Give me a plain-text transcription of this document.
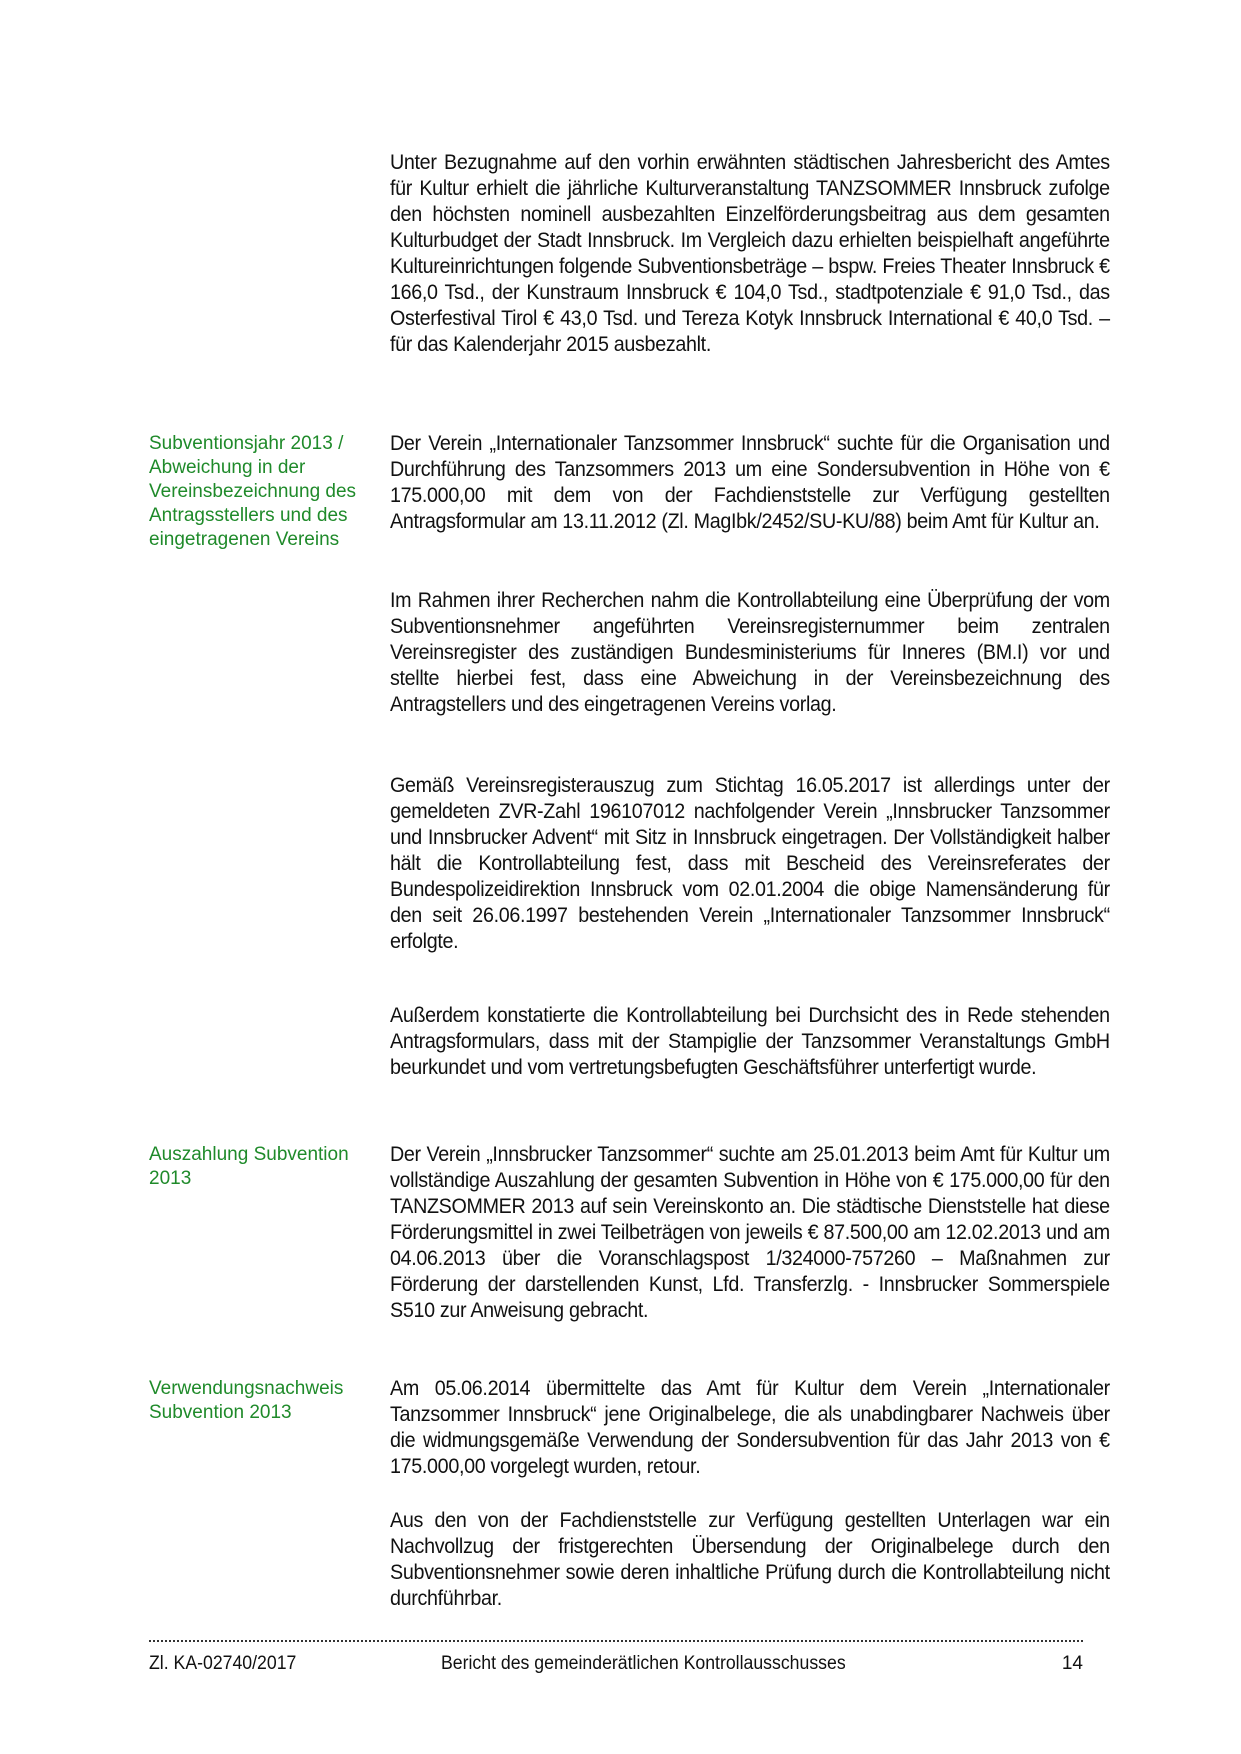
Unter Bezugnahme auf den vorhin erwähnten städtischen Jahresbericht des Amtes für Kultur erhielt die jährliche Kulturveranstaltung TANZSOMMER Innsbruck zufolge den höchsten nominell ausbezahlten Einzelförderungsbeitrag aus dem gesamten Kulturbudget der Stadt Innsbruck. Im Vergleich dazu erhielten beispielhaft angeführte Kultureinrichtungen folgende Subventionsbeträge – bspw. Freies Theater Innsbruck € 166,0 Tsd., der Kunstraum Innsbruck € 104,0 Tsd., stadtpotenziale € 91,0 Tsd., das Osterfestival Tirol € 43,0 Tsd. und Tereza Kotyk Innsbruck International € 40,0 Tsd. – für das Kalenderjahr 2015 ausbezahlt.

Subventionsjahr 2013 / Abweichung in der Vereinsbezeichnung des Antragsstellers und des eingetragenen Vereins

Der Verein „Internationaler Tanzsommer Innsbruck“ suchte für die Organisation und Durchführung des Tanzsommers 2013 um eine Sondersubvention in Höhe von € 175.000,00 mit dem von der Fachdienststelle zur Verfügung gestellten Antragsformular am 13.11.2012 (Zl. MagIbk/2452/SU-KU/88) beim Amt für Kultur an.

Im Rahmen ihrer Recherchen nahm die Kontrollabteilung eine Überprüfung der vom Subventionsnehmer angeführten Vereinsregisternummer beim zentralen Vereinsregister des zuständigen Bundesministeriums für Inneres (BM.I) vor und stellte hierbei fest, dass eine Abweichung in der Vereinsbezeichnung des Antragstellers und des eingetragenen Vereins vorlag.

Gemäß Vereinsregisterauszug zum Stichtag 16.05.2017 ist allerdings unter der gemeldeten ZVR-Zahl 196107012 nachfolgender Verein „Innsbrucker Tanzsommer und Innsbrucker Advent“ mit Sitz in Innsbruck eingetragen. Der Vollständigkeit halber hält die Kontrollabteilung fest, dass mit Bescheid des Vereinsreferates der Bundespolizeidirektion Innsbruck vom 02.01.2004 die obige Namensänderung für den seit 26.06.1997 bestehenden Verein „Internationaler Tanzsommer Innsbruck“ erfolgte.

Außerdem konstatierte die Kontrollabteilung bei Durchsicht des in Rede stehenden Antragsformulars, dass mit der Stampiglie der Tanzsommer Veranstaltungs GmbH beurkundet und vom vertretungsbefugten Geschäftsführer unterfertigt wurde.

Auszahlung Subvention 2013

Der Verein „Innsbrucker Tanzsommer“ suchte am 25.01.2013 beim Amt für Kultur um vollständige Auszahlung der gesamten Subvention in Höhe von € 175.000,00 für den TANZSOMMER 2013 auf sein Vereinskonto an. Die städtische Dienststelle hat diese Förderungsmittel in zwei Teilbeträgen von jeweils € 87.500,00 am 12.02.2013 und am 04.06.2013 über die Voranschlagspost 1/324000-757260 – Maßnahmen zur Förderung der darstellenden Kunst, Lfd. Transferzlg. - Innsbrucker Sommerspiele S510 zur Anweisung gebracht.

Verwendungsnachweis Subvention 2013

Am 05.06.2014 übermittelte das Amt für Kultur dem Verein „Internationaler Tanzsommer Innsbruck“ jene Originalbelege, die als unabdingbarer Nachweis über die widmungsgemäße Verwendung der Sondersubvention für das Jahr 2013 von € 175.000,00 vorgelegt wurden, retour.

Aus den von der Fachdienststelle zur Verfügung gestellten Unterlagen war ein Nachvollzug der fristgerechten Übersendung der Originalbelege durch den Subventionsnehmer sowie deren inhaltliche Prüfung durch die Kontrollabteilung nicht durchführbar.

Zl. KA-02740/2017	Bericht des gemeinderätlichen Kontrollausschusses	14
